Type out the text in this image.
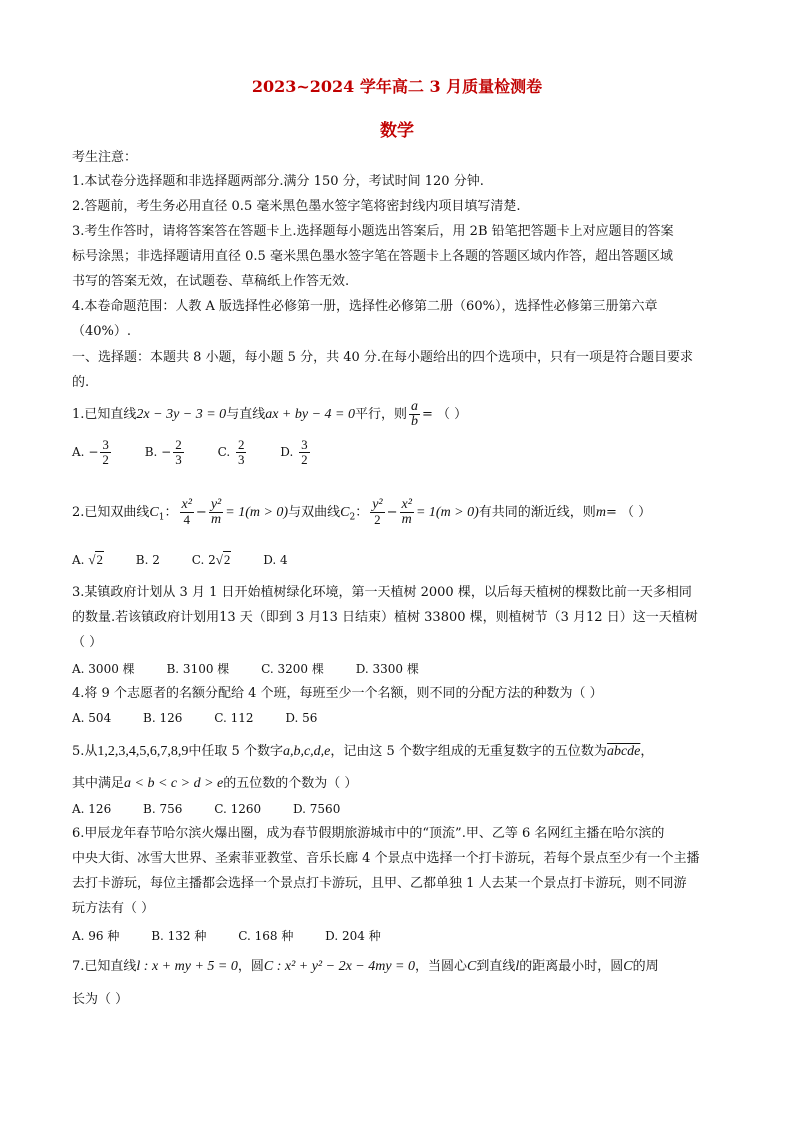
2023~2024 学年高二 3 月质量检测卷
数学
考生注意：
1.本试卷分选择题和非选择题两部分.满分 150 分，考试时间 120 分钟.
2.答题前，考生务必用直径 0.5 毫米黑色墨水签字笔将密封线内项目填写清楚.
3.考生作答时，请将答案答在答题卡上.选择题每小题选出答案后，用 2B 铅笔把答题卡上对应题目的答案
标号涂黑；非选择题请用直径 0.5 毫米黑色墨水签字笔在答题卡上各题的答题区域内作答，超出答题区域
书写的答案无效，在试题卷、草稿纸上作答无效.
4.本卷命题范围：人教 A 版选择性必修第一册，选择性必修第二册（60%），选择性必修第三册第六章
（40%）.
一、选择题：本题共 8 小题，每小题 5 分，共 40 分.在每小题给出的四个选项中，只有一项是符合题目要求
的.
1.已知直线2x − 3y − 3 = 0与直线ax + by − 4 = 0平行，则 $\frac{a}{b}$ = （ ）
A. − $\frac{3}{2}$	B. − $\frac{2}{3}$	C. $\frac{2}{3}$	D. $\frac{3}{2}$
2.已知双曲线$C_1$： $\frac{\text{x²}}{4} - \frac{\text{y²}}{m} = 1(m > 0)$与双曲线$C_2$： $\frac{\text{y²}}{2} - \frac{\text{x²}}{m} = 1(m > 0)$有共同的渐近线，则m= （ ）
A. √2	B. 2	C. 2√2	D. 4
3.某镇政府计划从 3 月 1 日开始植树绿化环境，第一天植树 2000 棵，以后每天植树的棵数比前一天多相同
的数量.若该镇政府计划用13 天（即到 3 月13 日结束）植树 33800 棵，则植树节（3 月12 日）这一天植树
（ ）
A. 3000 棵	B. 3100 棵	C. 3200 棵	D. 3300 棵
4.将 9 个志愿者的名额分配给 4 个班，每班至少一个名额，则不同的分配方法的种数为（ ）
A. 504	B. 126	C. 112	D. 56
5.从1,2,3,4,5,6,7,8,9中任取 5 个数字a,b,c,d,e，记由这 5 个数字组成的无重复数字的五位数为abcde，
其中满足a < b < c > d > e的五位数的个数为（ ）
A. 126	B. 756	C. 1260	D. 7560
6.甲辰龙年春节哈尔滨火爆出圈，成为春节假期旅游城市中的“顶流”.甲、乙等 6 名网红主播在哈尔滨的
中央大街、冰雪大世界、圣索菲亚教堂、音乐长廊 4 个景点中选择一个打卡游玩，若每个景点至少有一个主播
去打卡游玩，每位主播都会选择一个景点打卡游玩，且甲、乙都单独 1 人去某一个景点打卡游玩，则不同游
玩方法有（ ）
A. 96 种	B. 132 种	C. 168 种	D. 204 种
7.已知直线l : x + my + 5 = 0，圆C : x² + y² − 2x − 4my = 0，当圆心C到直线l的距离最小时，圆C的周
长为（ ）
